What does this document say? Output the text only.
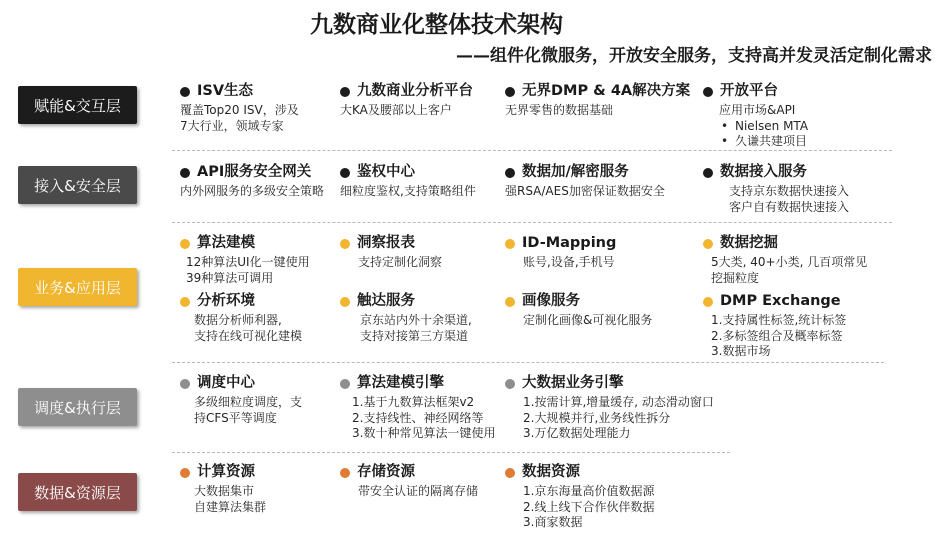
九数商业化整体技术架构
——组件化微服务，开放安全服务，支持高并发灵活定制化需求
赋能&交互层
接入&安全层
业务&应用层
调度&执行层
数据&资源层
ISV生态
覆盖Top20 ISV，涉及
7大行业，领域专家
九数商业分析平台
大KA及腰部以上客户
无界DMP & 4A解决方案
无界零售的数据基础
开放平台
应用市场&API
• Nielsen MTA
• 久谦共建项目
API服务安全网关
内外网服务的多级安全策略
鉴权中心
细粒度鉴权,支持策略组件
数据加/解密服务
强RSA/AES加密保证数据安全
数据接入服务
支持京东数据快速接入
客户自有数据快速接入
算法建模
12种算法UI化一键使用
39种算法可调用
洞察报表
支持定制化洞察
ID-Mapping
账号,设备,手机号
数据挖掘
5大类, 40+小类, 几百项常见
挖掘粒度
分析环境
数据分析师利器,
支持在线可视化建模
触达服务
京东站内外十余渠道,
支持对接第三方渠道
画像服务
定制化画像&可视化服务
DMP Exchange
1.支持属性标签,统计标签
2.多标签组合及概率标签
3.数据市场
调度中心
多级细粒度调度，支
持CFS平等调度
算法建模引擎
1.基于九数算法框架v2
2.支持线性、神经网络等
3.数十种常见算法一键使用
大数据业务引擎
1.按需计算,增量缓存, 动态滑动窗口
2.大规模并行,业务线性拆分
3.万亿数据处理能力
计算资源
大数据集市
自建算法集群
存储资源
带安全认证的隔离存储
数据资源
1.京东海量高价值数据源
2.线上线下合作伙伴数据
3.商家数据
